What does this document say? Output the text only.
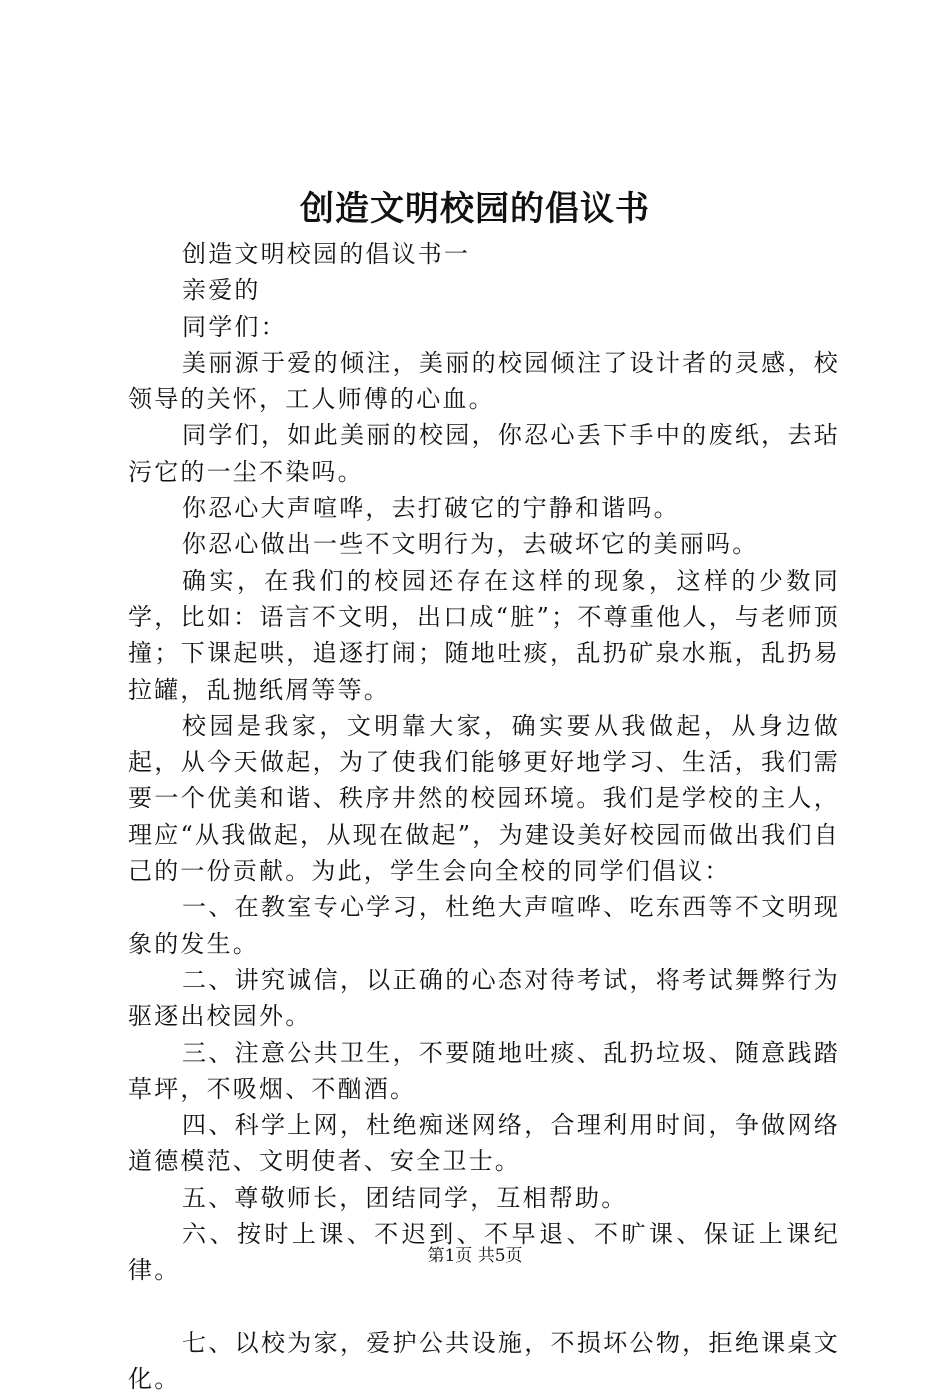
创造文明校园的倡议书

创造文明校园的倡议书一

亲爱的

同学们：

美丽源于爱的倾注，美丽的校园倾注了设计者的灵感，校领导的关怀，工人师傅的心血。

同学们，如此美丽的校园，你忍心丢下手中的废纸，去玷污它的一尘不染吗。

你忍心大声喧哗，去打破它的宁静和谐吗。

你忍心做出一些不文明行为，去破坏它的美丽吗。

确实，在我们的校园还存在这样的现象，这样的少数同学，比如：语言不文明，出口成“脏”；不尊重他人，与老师顶撞；下课起哄，追逐打闹；随地吐痰，乱扔矿泉水瓶，乱扔易拉罐，乱抛纸屑等等。

校园是我家，文明靠大家，确实要从我做起，从身边做起，从今天做起，为了使我们能够更好地学习、生活，我们需要一个优美和谐、秩序井然的校园环境。我们是学校的主人，理应“从我做起，从现在做起”，为建设美好校园而做出我们自己的一份贡献。为此，学生会向全校的同学们倡议：

一、在教室专心学习，杜绝大声喧哗、吃东西等不文明现象的发生。

二、讲究诚信，以正确的心态对待考试，将考试舞弊行为驱逐出校园外。

三、注意公共卫生，不要随地吐痰、乱扔垃圾、随意践踏草坪，不吸烟、不酗酒。

四、科学上网，杜绝痴迷网络，合理利用时间，争做网络道德模范、文明使者、安全卫士。

五、尊敬师长，团结同学，互相帮助。

六、按时上课、不迟到、不早退、不旷课、保证上课纪律。

七、以校为家，爱护公共设施，不损坏公物，拒绝课桌文化。

第1页 共5页
